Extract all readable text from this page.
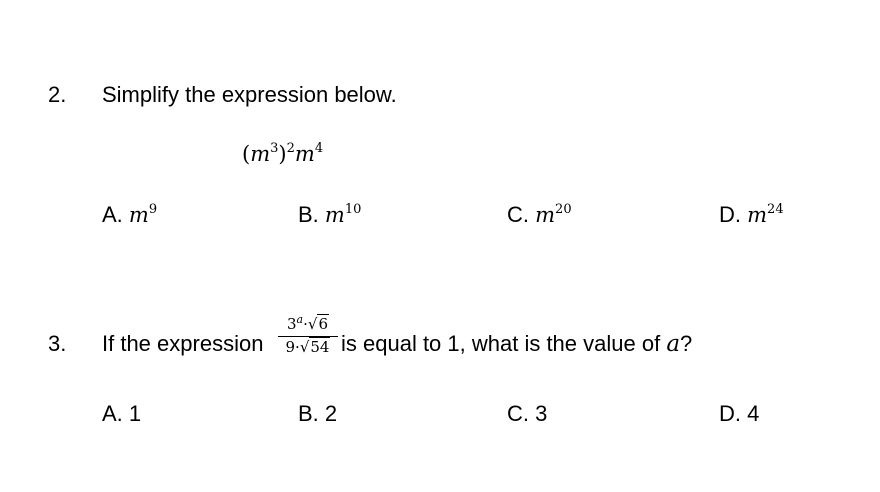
2. Simplify the expression below.
$(m^3)^2m^4$
A. $m^9$	B. $m^{10}$	C. $m^{20}$	D. $m^{24}$
3. If the expression
$3^a\cdot√6$
9·√54 is equal to 1, what is the value of a?
A. 1	B. 2	C. 3	D. 4
